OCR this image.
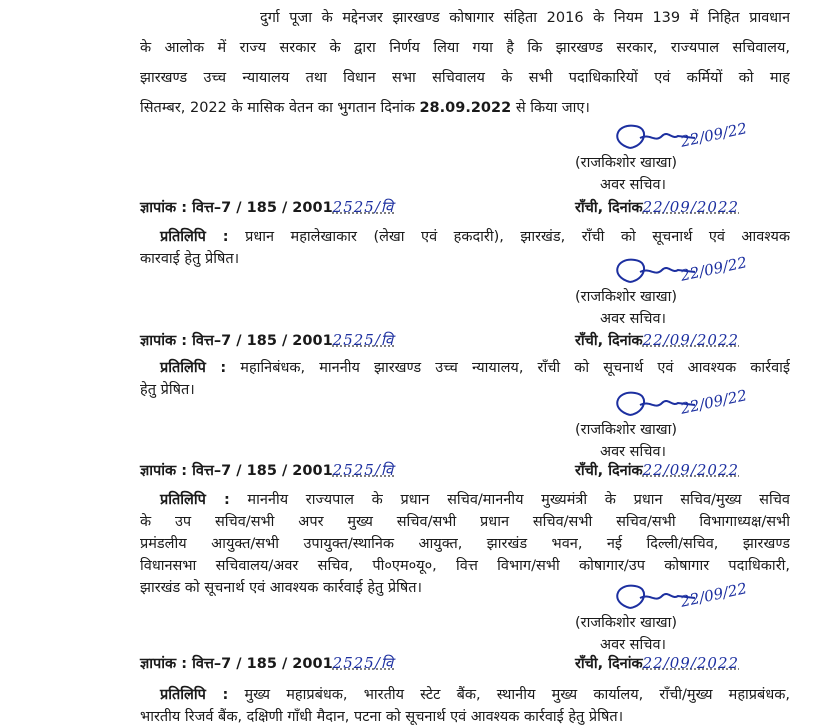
दुर्गा पूजा के मद्देनजर झारखण्ड कोषागार संहिता 2016 के नियम 139 में निहित प्रावधान
के आलोक में राज्य सरकार के द्वारा निर्णय लिया गया है कि झारखण्ड सरकार, राज्यपाल सचिवालय,
झारखण्ड उच्च न्यायालय तथा विधान सभा सचिवालय के सभी पदाधिकारियों एवं कर्मियों को माह
सितम्बर, 2022 के मासिक वेतन का भुगतान दिनांक 28.09.2022 से किया जाए।
22/09/22
(राजकिशोर खाखा)
अवर सचिव।
22/09/22
(राजकिशोर खाखा)
अवर सचिव।
22/09/22
(राजकिशोर खाखा)
अवर सचिव।
22/09/22
(राजकिशोर खाखा)
अवर सचिव।
ज्ञापांक : वित्त–7 / 185 / 20012525/वि	राँची, दिनांक22/09/2022
ज्ञापांक : वित्त–7 / 185 / 20012525/वि	राँची, दिनांक22/09/2022
ज्ञापांक : वित्त–7 / 185 / 20012525/वि	राँची, दिनांक22/09/2022
ज्ञापांक : वित्त–7 / 185 / 20012525/वि	राँची, दिनांक22/09/2022
प्रतिलिपि : प्रधान महालेखाकार (लेखा एवं हकदारी), झारखंड, राँची को सूचनार्थ एवं आवश्यक
कारवाई हेतु प्रेषित।
प्रतिलिपि : महानिबंधक, माननीय झारखण्ड उच्च न्यायालय, राँची को सूचनार्थ एवं आवश्यक कार्रवाई
हेतु प्रेषित।
प्रतिलिपि : माननीय राज्यपाल के प्रधान सचिव/माननीय मुख्यमंत्री के प्रधान सचिव/मुख्य सचिव
के उप सचिव/सभी अपर मुख्य सचिव/सभी प्रधान सचिव/सभी सचिव/सभी विभागाध्यक्ष/सभी
प्रमंडलीय आयुक्त/सभी उपायुक्त/स्थानिक आयुक्त, झारखंड भवन, नई दिल्ली/सचिव, झारखण्ड
विधानसभा सचिवालय/अवर सचिव, पी०एम०यू०, वित्त विभाग/सभी कोषागार/उप कोषागार पदाधिकारी,
झारखंड को सूचनार्थ एवं आवश्यक कार्रवाई हेतु प्रेषित।
प्रतिलिपि : मुख्य महाप्रबंधक, भारतीय स्टेट बैंक, स्थानीय मुख्य कार्यालय, राँची/मुख्य महाप्रबंधक,
भारतीय रिजर्व बैंक, दक्षिणी गाँधी मैदान, पटना को सूचनार्थ एवं आवश्यक कार्रवाई हेतु प्रेषित।
